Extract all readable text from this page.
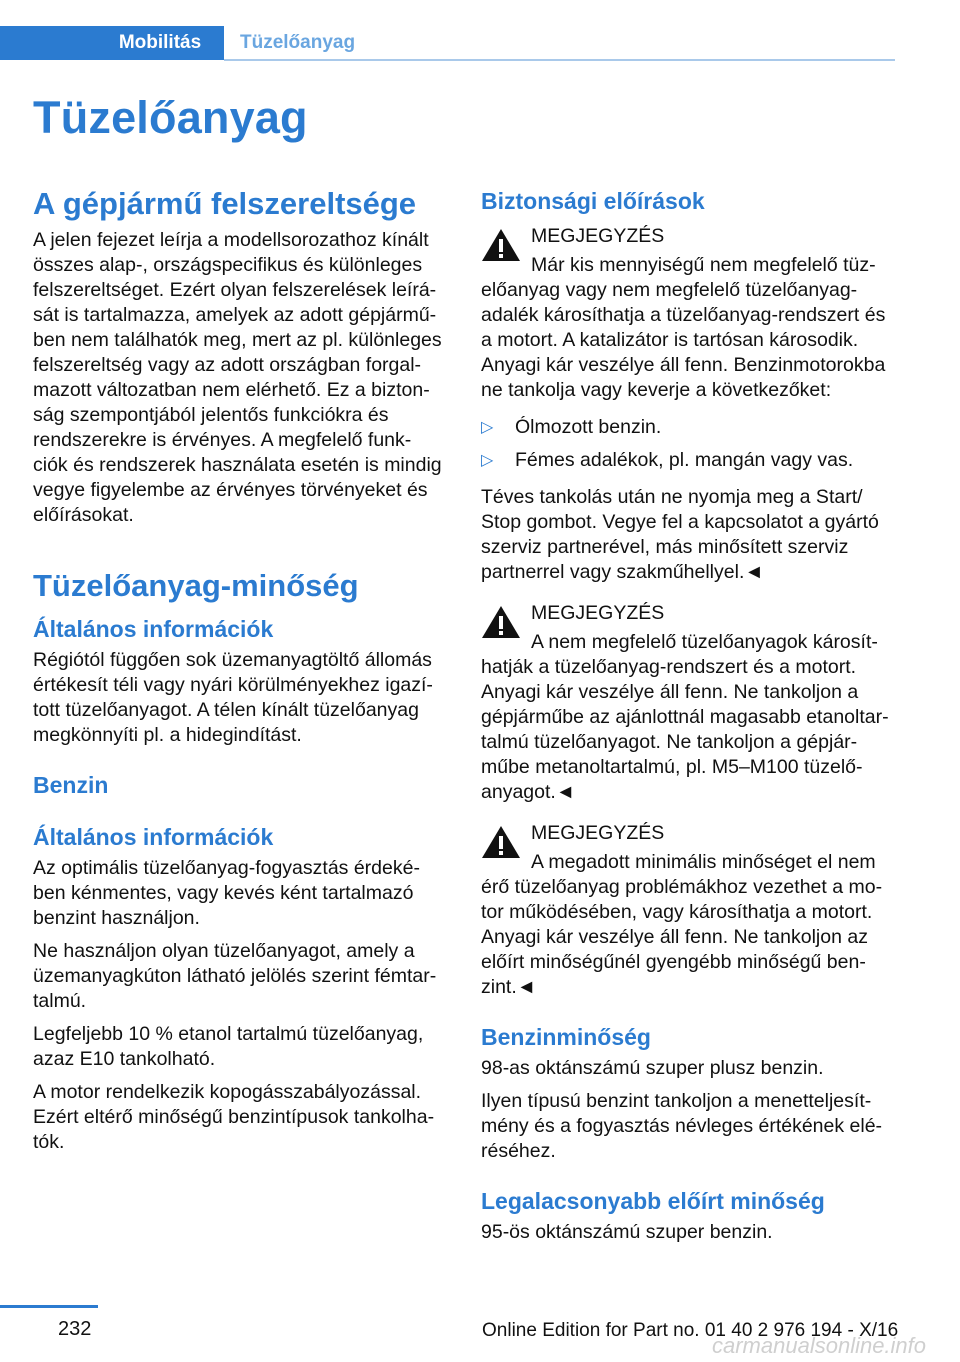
Mobilitás	Tüzelőanyag
Tüzelőanyag
A gépjármű felszereltsége

A jelen fejezet leírja a modellsorozathoz kínált összes alap-, országspecifikus és különleges felszereltséget. Ezért olyan felszerelések leírá- sát is tartalmazza, amelyek az adott gépjármű- ben nem találhatók meg, mert az pl. különleges felszereltség vagy az adott országban forgal- mazott változatban nem elérhető. Ez a bizton- ság szempontjából jelentős funkciókra és rendszerekre is érvényes. A megfelelő funk- ciók és rendszerek használata esetén is mindig vegye figyelembe az érvényes törvényeket és előírásokat.

Tüzelőanyag-minőség
Általános információk

Régiótól függően sok üzemanyagtöltő állomás értékesít téli vagy nyári körülményekhez igazí- tott tüzelőanyagot. A télen kínált tüzelőanyag megkönnyíti pl. a hidegindítást.

Benzin
Általános információk

Az optimális tüzelőanyag-fogyasztás érdeké- ben kénmentes, vagy kevés ként tartalmazó benzint használjon.

Ne használjon olyan tüzelőanyagot, amely a üzemanyagkúton látható jelölés szerint fémtar- talmú.

Legfeljebb 10 % etanol tartalmú tüzelőanyag, azaz E10 tankolható.

A motor rendelkezik kopogásszabályozással. Ezért eltérő minőségű benzintípusok tankolha- tók.

Biztonsági előírások
MEGJEGYZÉS
Már kis mennyiségű nem megfelelő tüz-
előanyag vagy nem megfelelő tüzelőanyag- adalék károsíthatja a tüzelőanyag-rendszert és a motort. A katalizátor is tartósan károsodik. Anyagi kár veszélye áll fenn. Benzinmotorokba ne tankolja vagy keverje a következőket:
▷ Ólmozott benzin.
▷ Fémes adalékok, pl. mangán vagy vas.

Téves tankolás után ne nyomja meg a Start/ Stop gombot. Vegye fel a kapcsolatot a gyártó szerviz partnerével, más minősített szerviz partnerrel vagy szakműhellyel.◄

MEGJEGYZÉS
A nem megfelelő tüzelőanyagok károsít-
hatják a tüzelőanyag-rendszert és a motort. Anyagi kár veszélye áll fenn. Ne tankoljon a gépjárműbe az ajánlottnál magasabb etanoltar- talmú tüzelőanyagot. Ne tankoljon a gépjár- műbe metanoltartalmú, pl. M5–M100 tüzelő- anyagot.◄
MEGJEGYZÉS
A megadott minimális minőséget el nem
érő tüzelőanyag problémákhoz vezethet a mo- tor működésében, vagy károsíthatja a motort. Anyagi kár veszélye áll fenn. Ne tankoljon az előírt minőségűnél gyengébb minőségű ben- zint.◄
Benzinminőség

98-as oktánszámú szuper plusz benzin.

Ilyen típusú benzint tankoljon a menetteljesít- mény és a fogyasztás névleges értékének elé- réséhez.

Legalacsonyabb előírt minőség

95-ös oktánszámú szuper benzin.

232	Online Edition for Part no. 01 40 2 976 194 - X/16
carmanualsonline.info
